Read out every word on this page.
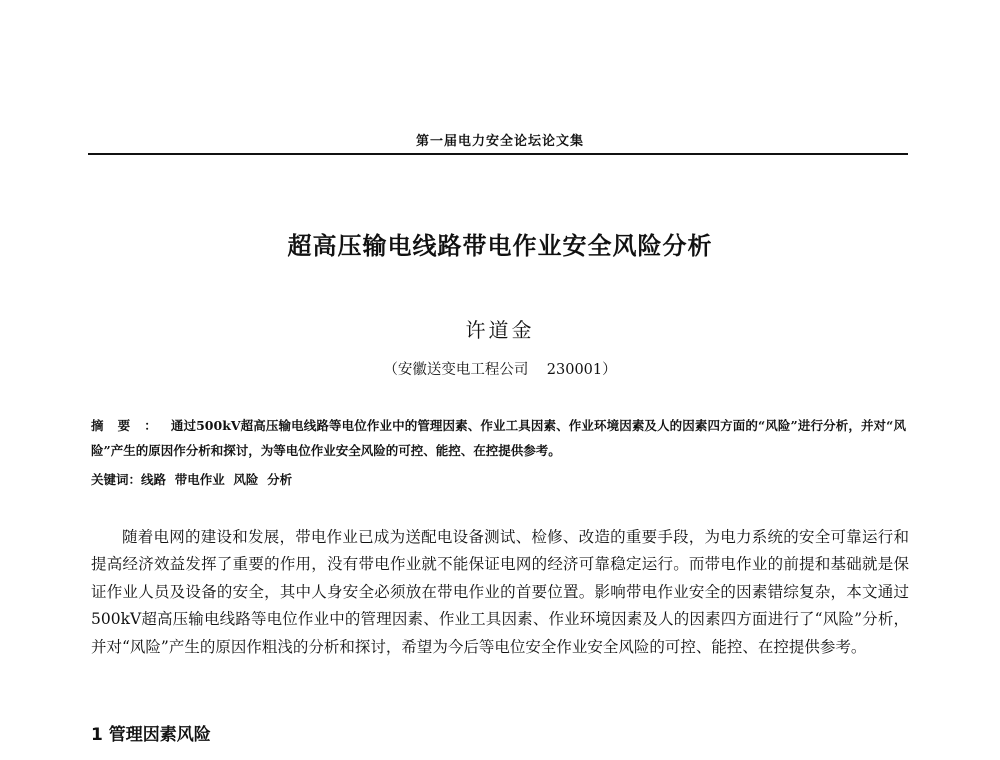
第一届电力安全论坛论文集
超高压输电线路带电作业安全风险分析
许道金
（安徽送变电工程公司    230001）
摘要：通过500kV超高压输电线路等电位作业中的管理因素、作业工具因素、作业环境因素及人的因素四方面的“风险”进行分析，并对“风险”产生的原因作分析和探讨，为等电位作业安全风险的可控、能控、在控提供参考。
关键词：线路  带电作业  风险  分析

随着电网的建设和发展，带电作业已成为送配电设备测试、检修、改造的重要手段，为电力系统的安全可靠运行和提高经济效益发挥了重要的作用，没有带电作业就不能保证电网的经济可靠稳定运行。而带电作业的前提和基础就是保证作业人员及设备的安全，其中人身安全必须放在带电作业的首要位置。影响带电作业安全的因素错综复杂，本文通过500kV超高压输电线路等电位作业中的管理因素、作业工具因素、作业环境因素及人的因素四方面进行了“风险”分析，并对“风险”产生的原因作粗浅的分析和探讨，希望为今后等电位安全作业安全风险的可控、能控、在控提供参考。

1 管理因素风险
